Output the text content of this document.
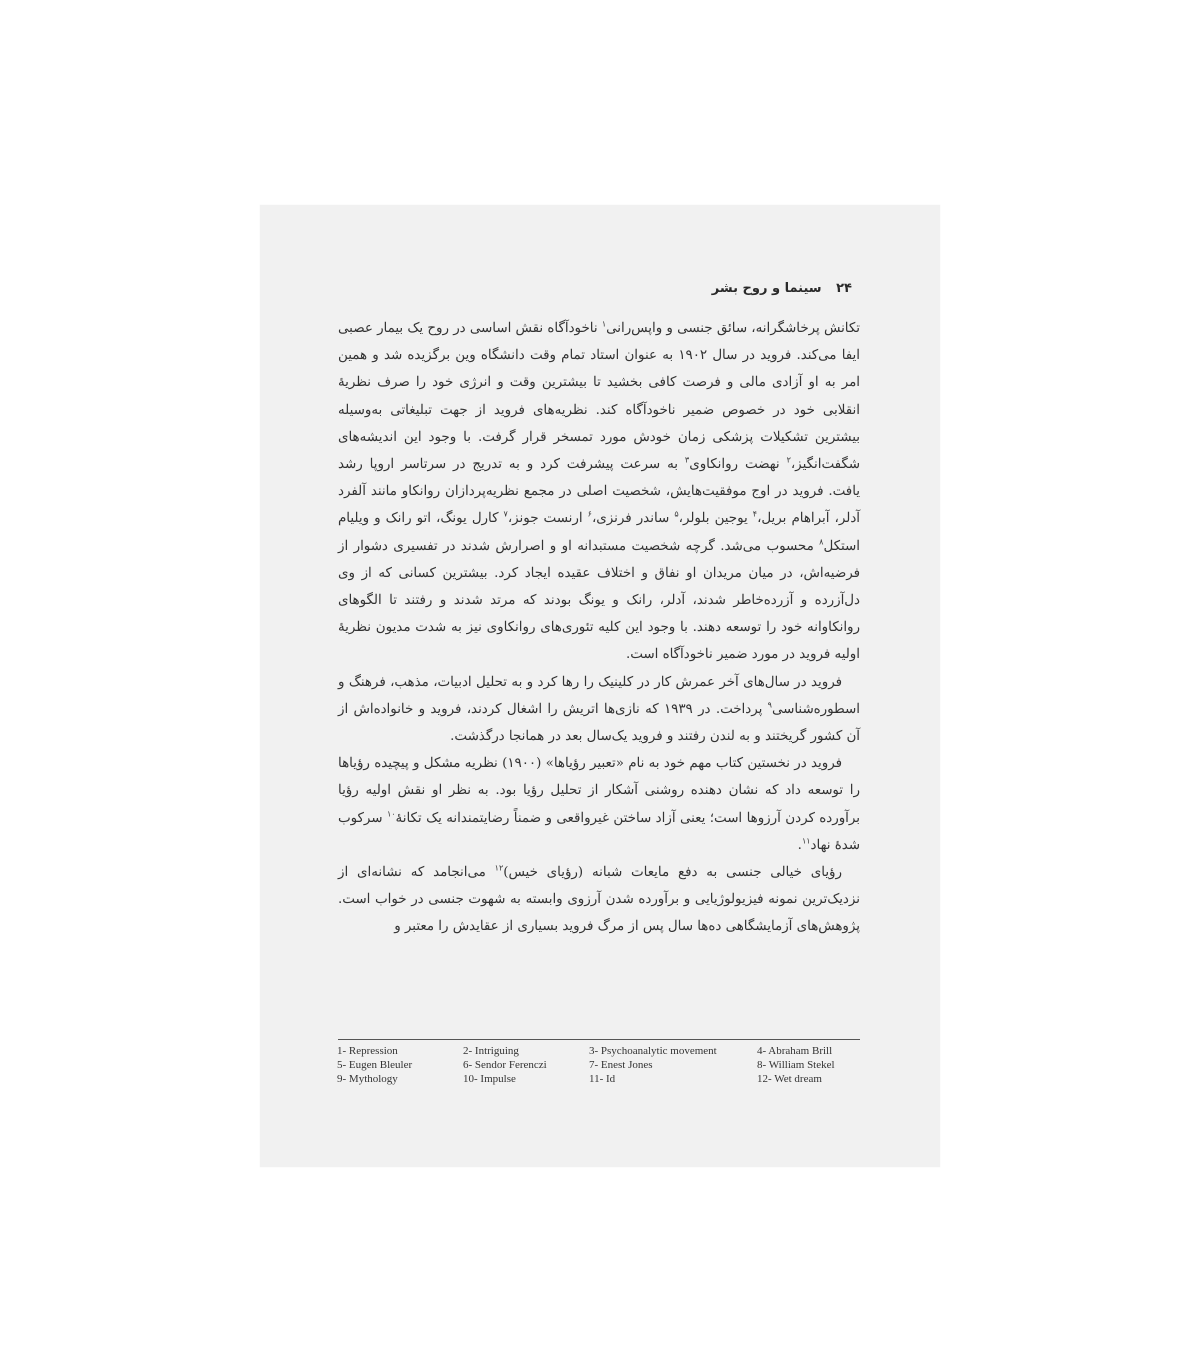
۲۴ سینما و روح بشر

تکانش پرخاشگرانه، سائق جنسی و واپس‌رانی$^۱$ ناخودآگاه نقش اساسی در روح یک بیمار عصبی ایفا می‌کند. فروید در سال ۱۹۰۲ به عنوان استاد تمام وقت دانشگاه وین برگزیده شد و همین امر به او آزادی مالی و فرصت کافی بخشید تا بیشترین وقت و انرژی خود را صرف نظریهٔ انقلابی خود در خصوص ضمیر ناخودآگاه کند. نظریه‌های فروید از جهت تبلیغاتی به‌وسیله بیشترین تشکیلات پزشکی زمان خودش مورد تمسخر قرار گرفت. با وجود این اندیشه‌های شگفت‌انگیز،$^۲$ نهضت روانکاوی$^۳$ به سرعت پیشرفت کرد و به تدریج در سرتاسر اروپا رشد یافت. فروید در اوج موفقیت‌هایش، شخصیت اصلی در مجمع نظریه‌پردازان روانکاو مانند آلفرد آدلر، آبراهام بریل،$^۴$ یوجین بلولر،$^۵$ ساندر فرنزی،$^۶$ ارنست جونز،$^۷$ کارل یونگ، اتو رانک و ویلیام استکل$^۸$ محسوب می‌شد. گرچه شخصیت مستبدانه او و اصرارش شدند در تفسیری دشوار از فرضیه‌اش، در میان مریدان او نفاق و اختلاف عقیده ایجاد کرد. بیشترین کسانی که از وی دل‌آزرده و آزرده‌خاطر شدند، آدلر، رانک و یونگ بودند که مرتد شدند و رفتند تا الگوهای روانکاوانه خود را توسعه دهند. با وجود این کلیه تئوری‌های روانکاوی نیز به شدت مدیون نظریهٔ اولیه فروید در مورد ضمیر ناخودآگاه است.

فروید در سال‌های آخر عمرش کار در کلینیک را رها کرد و به تحلیل ادبیات، مذهب، فرهنگ و اسطوره‌شناسی$^۹$ پرداخت. در ۱۹۳۹ که نازی‌ها اتریش را اشغال کردند، فروید و خانواده‌اش از آن کشور گریختند و به لندن رفتند و فروید یک‌سال بعد در همانجا درگذشت.

فروید در نخستین کتاب مهم خود به نام «تعبیر رؤیاها» (۱۹۰۰) نظریه مشکل و پیچیده رؤیاها را توسعه داد که نشان دهنده روشنی آشکار از تحلیل رؤیا بود. به نظر او نقش اولیه رؤیا برآورده کردن آرزوها است؛ یعنی آزاد ساختن غیرواقعی و ضمناً رضایتمندانه یک تکانهٔ$^{۱۰}$ سرکوب شدهٔ نهاد$^{۱۱}$.

رؤیای خیالی جنسی به دفع مایعات شبانه (رؤیای خیس)$^{۱۲}$ می‌انجامد که نشانه‌ای از نزدیک‌ترین نمونه فیزیولوژیایی و برآورده شدن آرزوی وابسته به شهوت جنسی در خواب است. پژوهش‌های آزمایشگاهی ده‌ها سال پس از مرگ فروید بسیاری از عقایدش را معتبر و

1- Repression	2- Intriguing	3- Psychoanalytic movement	4- Abraham Brill
5- Eugen Bleuler	6- Sendor Ferenczi	7- Enest Jones	8- William Stekel
9- Mythology	10- Impulse	11- Id	12- Wet dream
